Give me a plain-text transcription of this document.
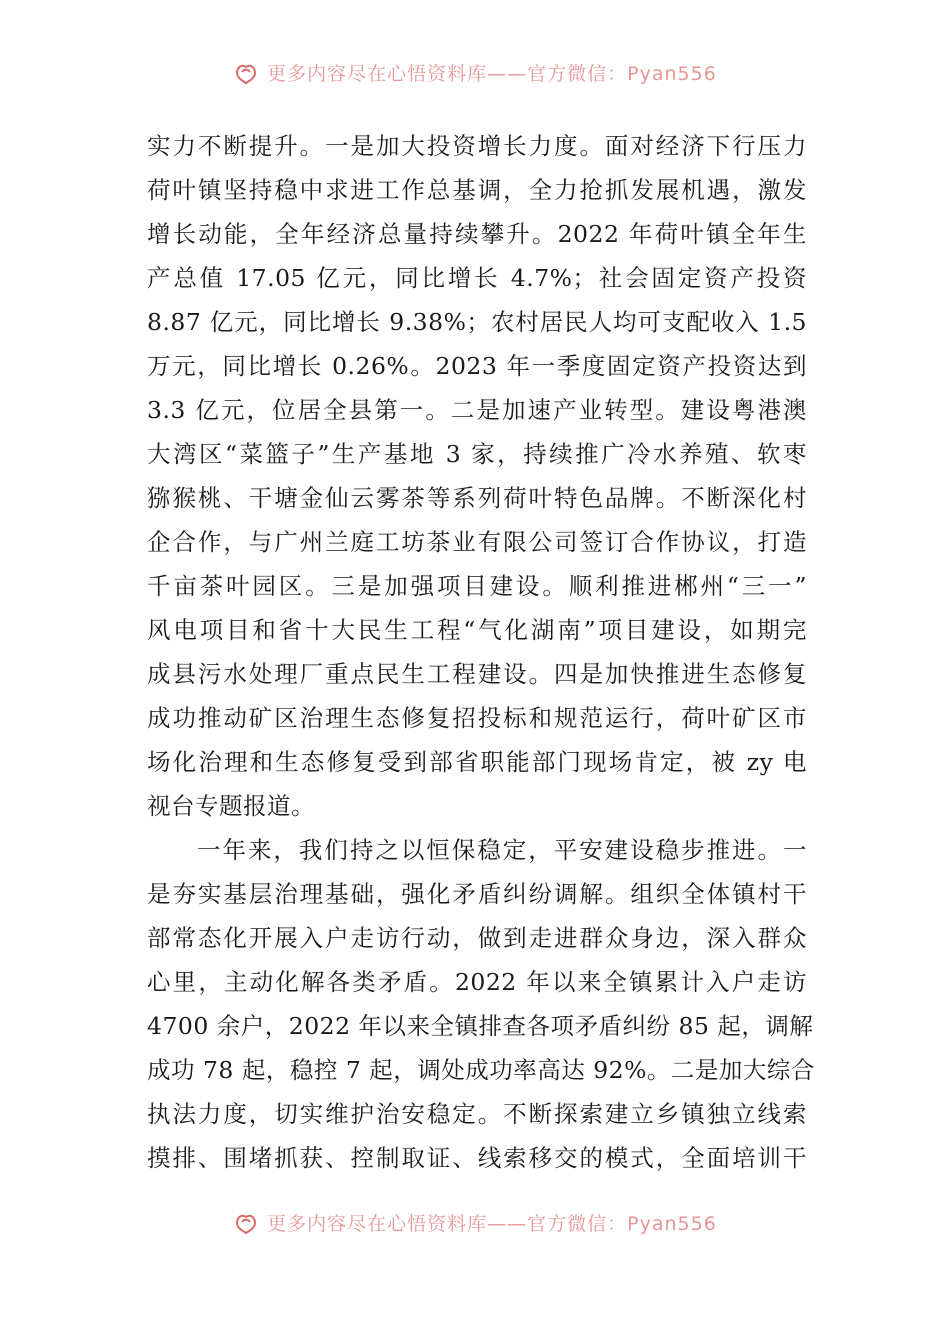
更多内容尽在心悟资料库——官方微信：Pyan556
实力不断提升。一是加大投资增长力度。面对经济下行压力
荷叶镇坚持稳中求进工作总基调，全力抢抓发展机遇，激发
增长动能，全年经济总量持续攀升。2022 年荷叶镇全年生
产总值 17.05 亿元，同比增长 4.7%；社会固定资产投资
8.87 亿元，同比增长 9.38%；农村居民人均可支配收入 1.5
万元，同比增长 0.26%。2023 年一季度固定资产投资达到
3.3 亿元，位居全县第一。二是加速产业转型。建设粤港澳
大湾区“菜篮子”生产基地 3 家，持续推广冷水养殖、软枣
猕猴桃、干塘金仙云雾茶等系列荷叶特色品牌。不断深化村
企合作，与广州兰庭工坊茶业有限公司签订合作协议，打造
千亩茶叶园区。三是加强项目建设。顺利推进郴州“三一”
风电项目和省十大民生工程“气化湖南”项目建设，如期完
成县污水处理厂重点民生工程建设。四是加快推进生态修复
成功推动矿区治理生态修复招投标和规范运行，荷叶矿区市
场化治理和生态修复受到部省职能部门现场肯定，被 zy 电
视台专题报道。
一年来，我们持之以恒保稳定，平安建设稳步推进。一
是夯实基层治理基础，强化矛盾纠纷调解。组织全体镇村干
部常态化开展入户走访行动，做到走进群众身边，深入群众
心里，主动化解各类矛盾。2022 年以来全镇累计入户走访
4700 余户，2022 年以来全镇排查各项矛盾纠纷 85 起，调解
成功 78 起，稳控 7 起，调处成功率高达 92%。二是加大综合
执法力度，切实维护治安稳定。不断探索建立乡镇独立线索
摸排、围堵抓获、控制取证、线索移交的模式，全面培训干
更多内容尽在心悟资料库——官方微信：Pyan556
